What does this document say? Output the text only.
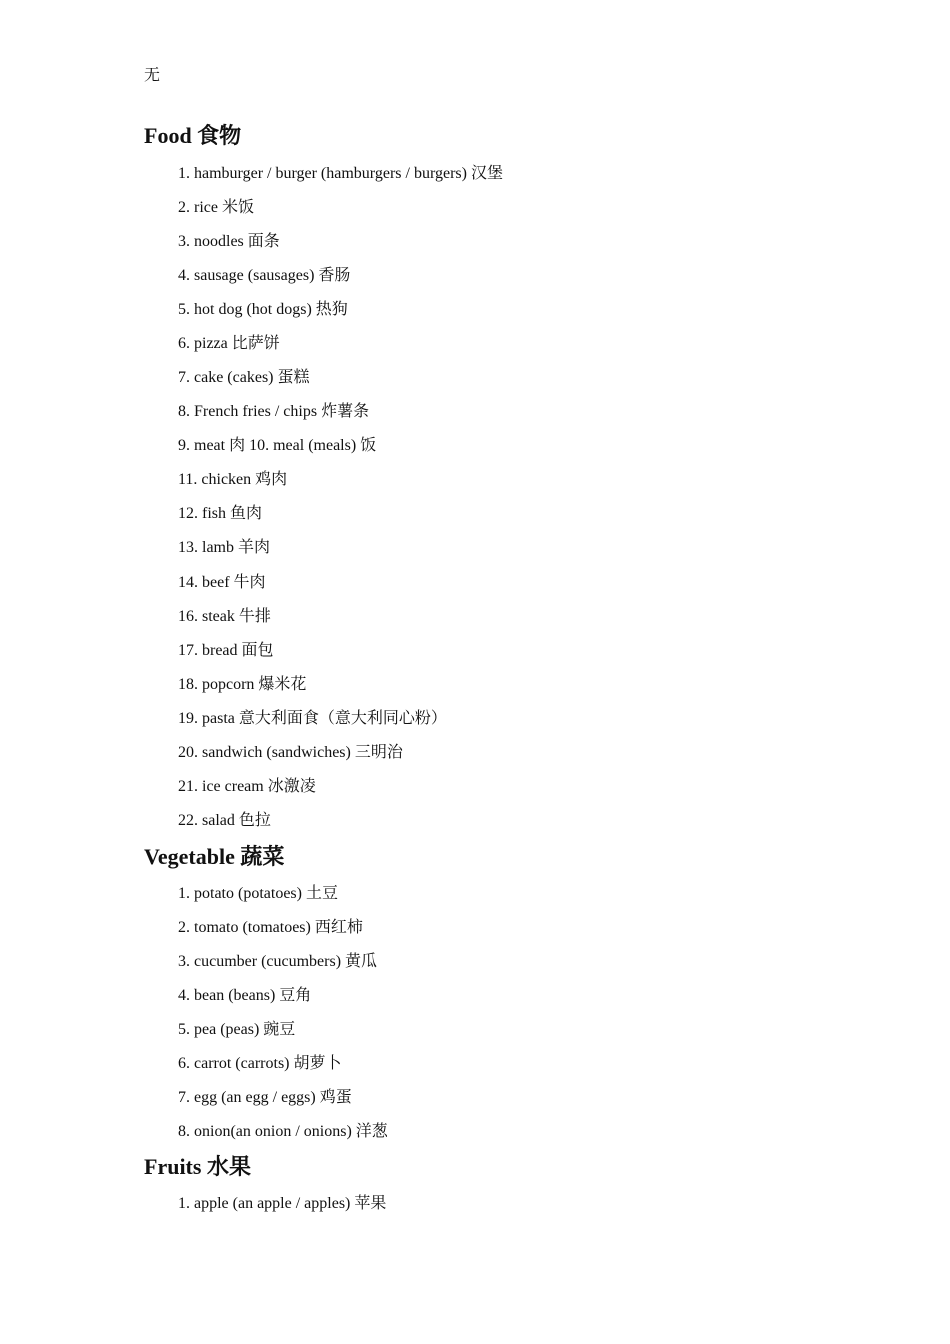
无
Food 食物
1. hamburger / burger (hamburgers / burgers) 汉堡
2. rice 米饭
3. noodles 面条
4. sausage (sausages) 香肠
5. hot dog (hot dogs) 热狗
6. pizza 比萨饼
7. cake (cakes) 蛋糕
8. French fries / chips 炸薯条
9. meat 肉 10. meal (meals) 饭
11. chicken 鸡肉
12. fish 鱼肉
13. lamb 羊肉
14. beef 牛肉
16. steak 牛排
17. bread 面包
18. popcorn 爆米花
19. pasta 意大利面食（意大利同心粉）
20. sandwich (sandwiches) 三明治
21. ice cream 冰激凌
22. salad 色拉
Vegetable 蔬菜
1. potato (potatoes) 土豆
2. tomato (tomatoes) 西红柿
3. cucumber (cucumbers) 黄瓜
4. bean (beans) 豆角
5. pea (peas) 豌豆
6. carrot (carrots) 胡萝卜
7. egg (an egg / eggs) 鸡蛋
8. onion(an onion / onions) 洋葱
Fruits 水果
1. apple (an apple / apples) 苹果
